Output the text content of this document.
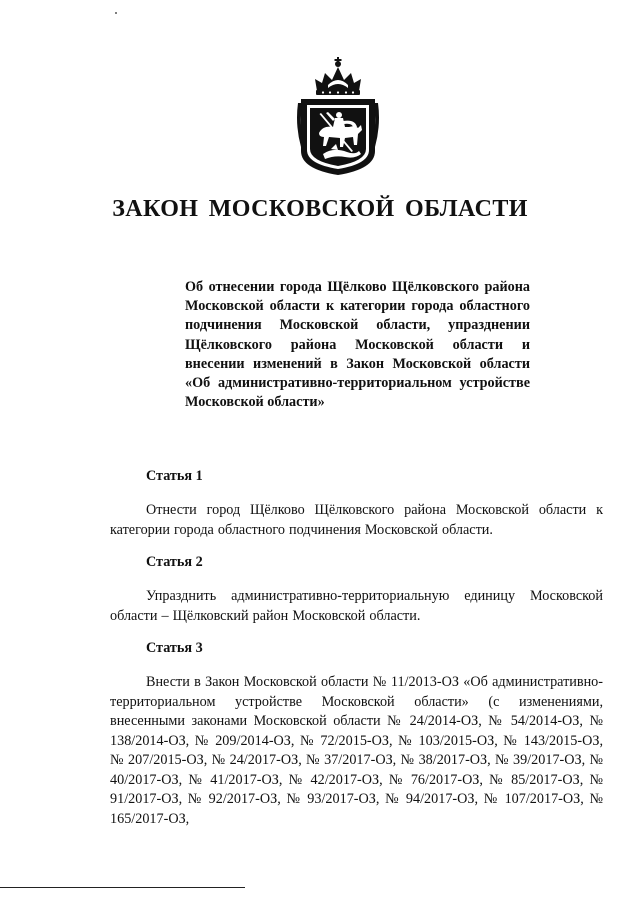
ЗАКОН МОСКОВСКОЙ ОБЛАСТИ

Об отнесении города Щёлково Щёлковского района Московской области к категории города областного подчинения Московской области, упразднении Щёлковского района Московской области и внесении изменений в Закон Московской области «Об административно-территориальном устройстве Московской области»

Статья 1

Отнести город Щёлково Щёлковского района Московской области к категории города областного подчинения Московской области.

Статья 2

Упразднить административно-территориальную единицу Московской области – Щёлковский район Московской области.

Статья 3

Внести в Закон Московской области № 11/2013-ОЗ «Об административно-территориальном устройстве Московской области» (с изменениями, внесенными законами Московской области № 24/2014-ОЗ, № 54/2014-ОЗ, № 138/2014-ОЗ, № 209/2014-ОЗ, № 72/2015-ОЗ, № 103/2015-ОЗ, № 143/2015-ОЗ, № 207/2015-ОЗ, № 24/2017-ОЗ, № 37/2017-ОЗ, № 38/2017-ОЗ, № 39/2017-ОЗ, № 40/2017-ОЗ, № 41/2017-ОЗ, № 42/2017-ОЗ, № 76/2017-ОЗ, № 85/2017-ОЗ, № 91/2017-ОЗ, № 92/2017-ОЗ, № 93/2017-ОЗ, № 94/2017-ОЗ, № 107/2017-ОЗ, № 165/2017-ОЗ,
